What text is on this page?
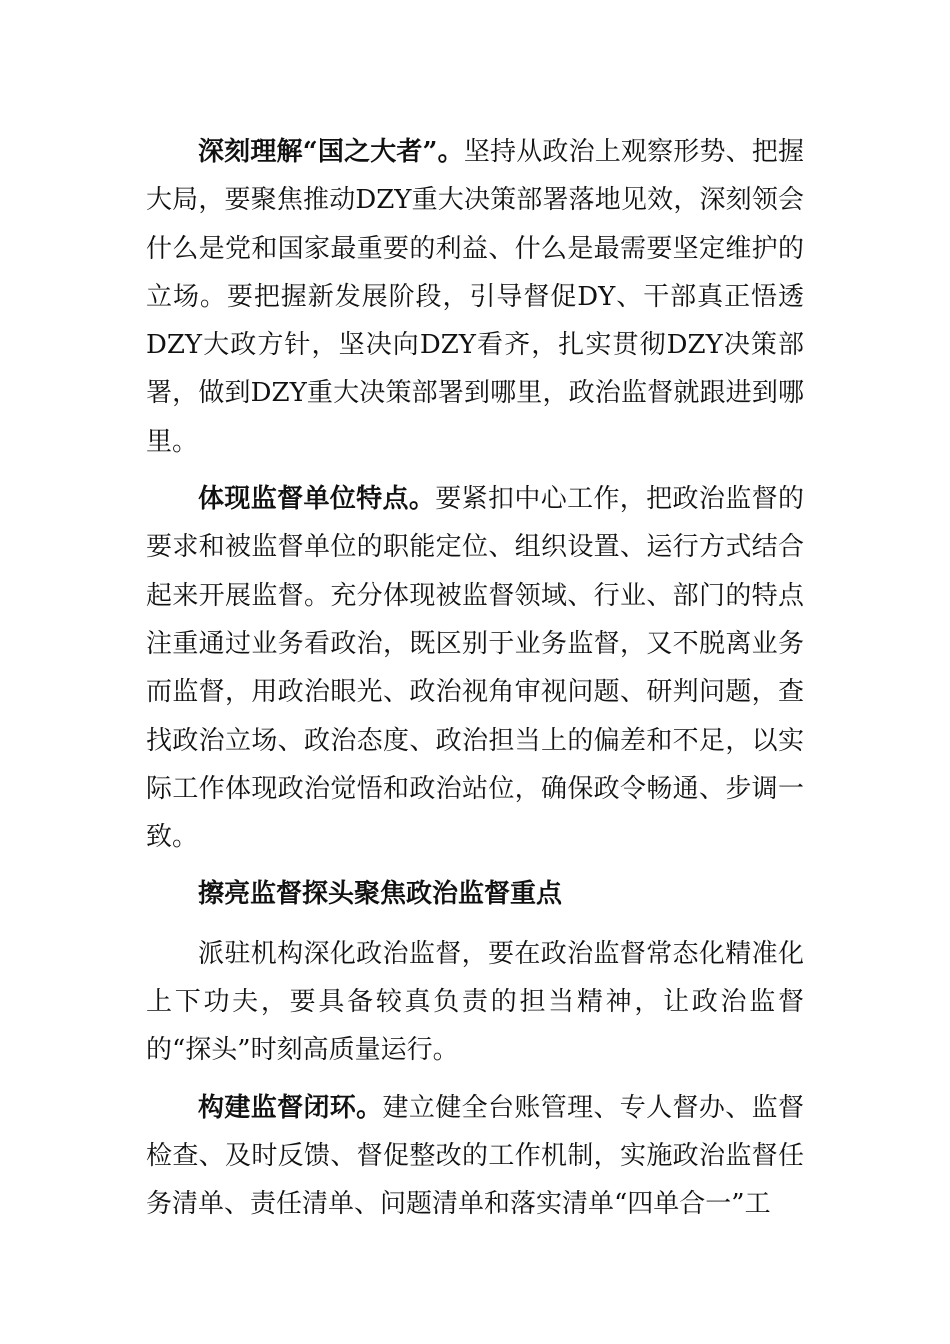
深刻理解“国之大者”。坚持从政治上观察形势、把握大局，要聚焦推动DZY重大决策部署落地见效，深刻领会什么是党和国家最重要的利益、什么是最需要坚定维护的立场。要把握新发展阶段，引导督促DY、干部真正悟透DZY大政方针，坚决向DZY看齐，扎实贯彻DZY决策部署，做到DZY重大决策部署到哪里，政治监督就跟进到哪里。

体现监督单位特点。要紧扣中心工作，把政治监督的要求和被监督单位的职能定位、组织设置、运行方式结合起来开展监督。充分体现被监督领域、行业、部门的特点注重通过业务看政治，既区别于业务监督，又不脱离业务而监督，用政治眼光、政治视角审视问题、研判问题，查找政治立场、政治态度、政治担当上的偏差和不足，以实际工作体现政治觉悟和政治站位，确保政令畅通、步调一致。

擦亮监督探头聚焦政治监督重点

派驻机构深化政治监督，要在政治监督常态化精准化上下功夫，要具备较真负责的担当精神，让政治监督的“探头”时刻高质量运行。

构建监督闭环。建立健全台账管理、专人督办、监督检查、及时反馈、督促整改的工作机制，实施政治监督任务清单、责任清单、问题清单和落实清单“四单合一”工
